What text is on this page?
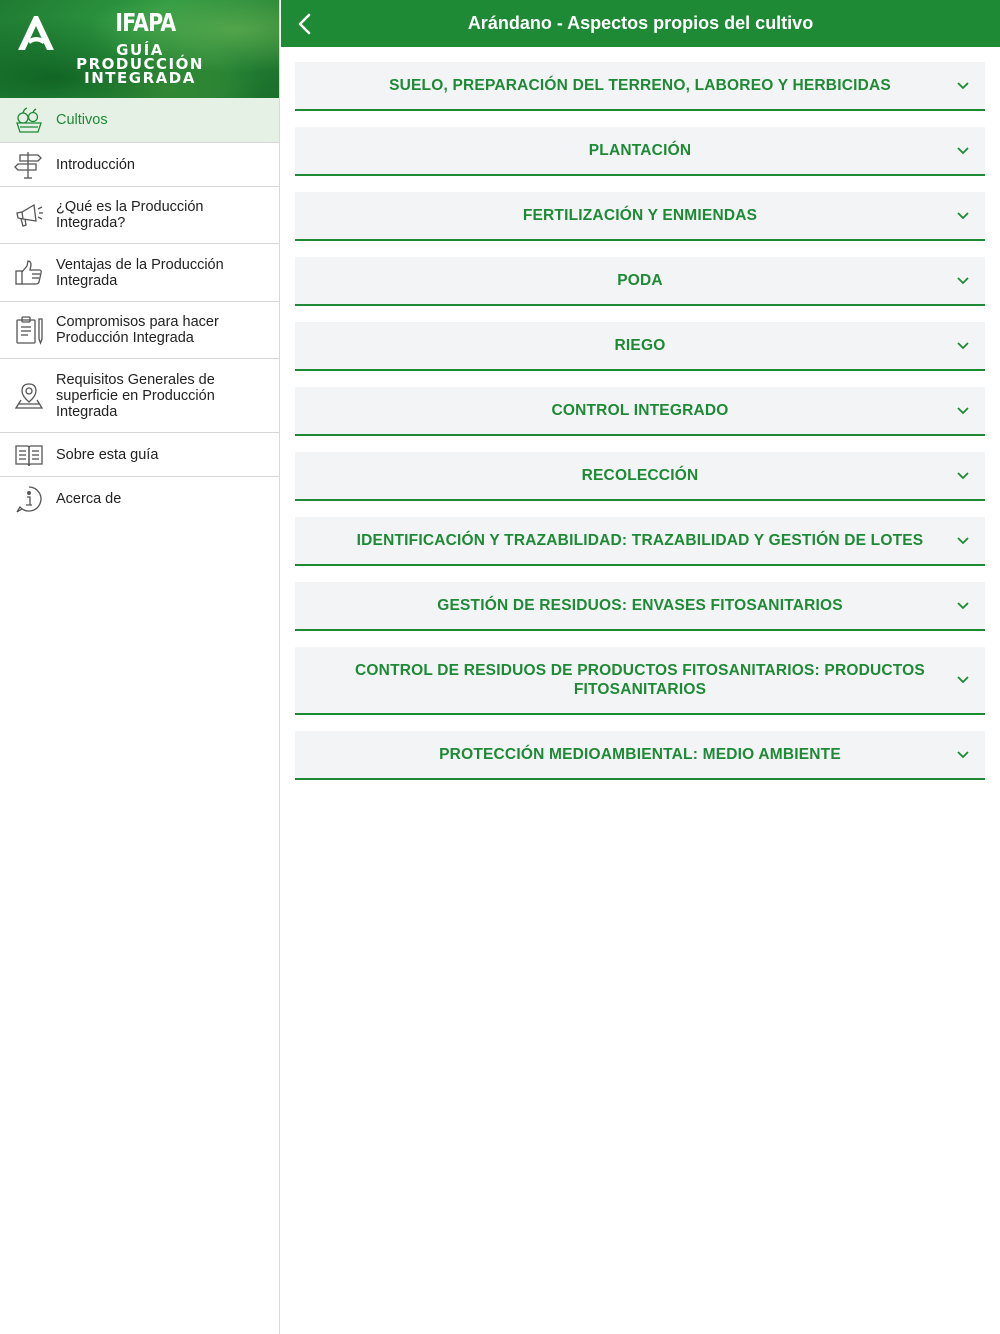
IFAPA
GUÍA
PRODUCCIÓN
INTEGRADA
Cultivos
Introducción
¿Qué es la Producción Integrada?
Ventajas de la Producción Integrada
Compromisos para hacer Producción Integrada
Requisitos Generales de superficie en Producción Integrada
Sobre esta guía
Acerca de
Arándano - Aspectos propios del cultivo
SUELO, PREPARACIÓN DEL TERRENO, LABOREO Y HERBICIDAS
PLANTACIÓN
FERTILIZACIÓN Y ENMIENDAS
PODA
RIEGO
CONTROL INTEGRADO
RECOLECCIÓN
IDENTIFICACIÓN Y TRAZABILIDAD: TRAZABILIDAD Y GESTIÓN DE LOTES
GESTIÓN DE RESIDUOS: ENVASES FITOSANITARIOS
CONTROL DE RESIDUOS DE PRODUCTOS FITOSANITARIOS: PRODUCTOS FITOSANITARIOS
PROTECCIÓN MEDIOAMBIENTAL: MEDIO AMBIENTE
